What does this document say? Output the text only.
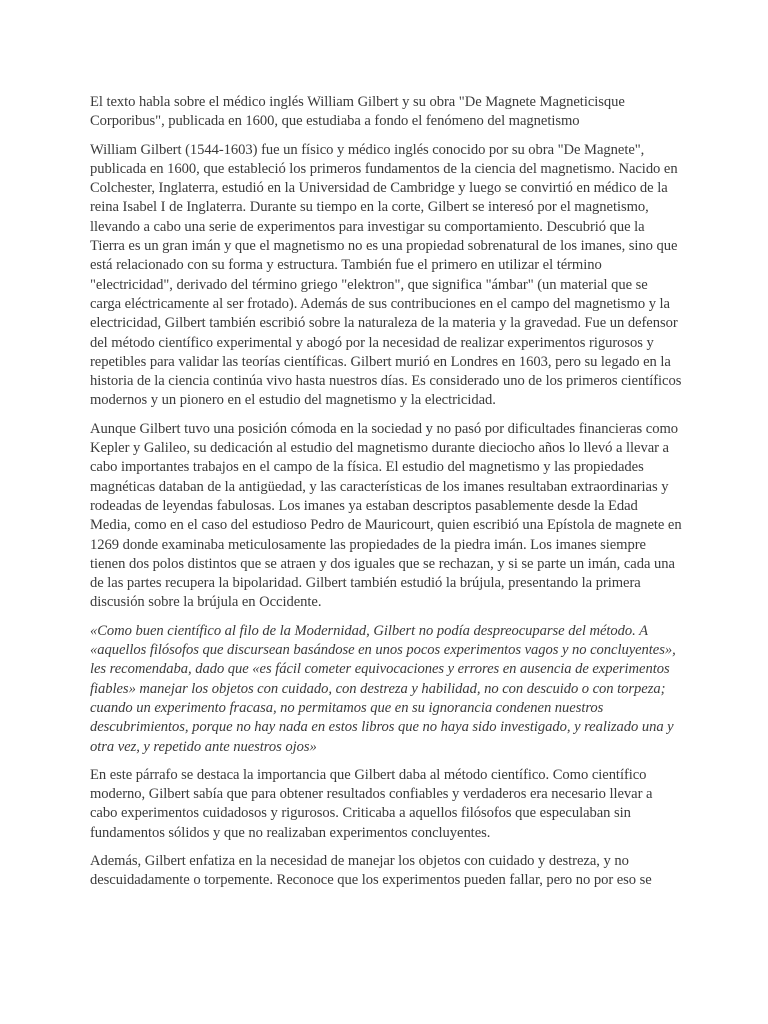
El texto habla sobre el médico inglés William Gilbert y su obra "De Magnete Magneticisque Corporibus", publicada en 1600, que estudiaba a fondo el fenómeno del magnetismo

William Gilbert (1544-1603) fue un físico y médico inglés conocido por su obra "De Magnete", publicada en 1600, que estableció los primeros fundamentos de la ciencia del magnetismo. Nacido en Colchester, Inglaterra, estudió en la Universidad de Cambridge y luego se convirtió en médico de la reina Isabel I de Inglaterra. Durante su tiempo en la corte, Gilbert se interesó por el magnetismo, llevando a cabo una serie de experimentos para investigar su comportamiento. Descubrió que la Tierra es un gran imán y que el magnetismo no es una propiedad sobrenatural de los imanes, sino que está relacionado con su forma y estructura. También fue el primero en utilizar el término "electricidad", derivado del término griego "elektron", que significa "ámbar" (un material que se carga eléctricamente al ser frotado). Además de sus contribuciones en el campo del magnetismo y la electricidad, Gilbert también escribió sobre la naturaleza de la materia y la gravedad. Fue un defensor del método científico experimental y abogó por la necesidad de realizar experimentos rigurosos y repetibles para validar las teorías científicas. Gilbert murió en Londres en 1603, pero su legado en la historia de la ciencia continúa vivo hasta nuestros días. Es considerado uno de los primeros científicos modernos y un pionero en el estudio del magnetismo y la electricidad.

Aunque Gilbert tuvo una posición cómoda en la sociedad y no pasó por dificultades financieras como Kepler y Galileo, su dedicación al estudio del magnetismo durante dieciocho años lo llevó a llevar a cabo importantes trabajos en el campo de la física. El estudio del magnetismo y las propiedades magnéticas databan de la antigüedad, y las características de los imanes resultaban extraordinarias y rodeadas de leyendas fabulosas. Los imanes ya estaban descriptos pasablemente desde la Edad Media, como en el caso del estudioso Pedro de Mauricourt, quien escribió una Epístola de magnete en 1269 donde examinaba meticulosamente las propiedades de la piedra imán. Los imanes siempre tienen dos polos distintos que se atraen y dos iguales que se rechazan, y si se parte un imán, cada una de las partes recupera la bipolaridad. Gilbert también estudió la brújula, presentando la primera discusión sobre la brújula en Occidente.

«Como buen científico al filo de la Modernidad, Gilbert no podía despreocuparse del método. A «aquellos filósofos que discursean basándose en unos pocos experimentos vagos y no concluyentes», les recomendaba, dado que «es fácil cometer equivocaciones y errores en ausencia de experimentos fiables» manejar los objetos con cuidado, con destreza y habilidad, no con descuido o con torpeza; cuando un experimento fracasa, no permitamos que en su ignorancia condenen nuestros descubrimientos, porque no hay nada en estos libros que no haya sido investigado, y realizado una y otra vez, y repetido ante nuestros ojos»

En este párrafo se destaca la importancia que Gilbert daba al método científico. Como científico moderno, Gilbert sabía que para obtener resultados confiables y verdaderos era necesario llevar a cabo experimentos cuidadosos y rigurosos. Criticaba a aquellos filósofos que especulaban sin fundamentos sólidos y que no realizaban experimentos concluyentes.

Además, Gilbert enfatiza en la necesidad de manejar los objetos con cuidado y destreza, y no descuidadamente o torpemente. Reconoce que los experimentos pueden fallar, pero no por eso se
